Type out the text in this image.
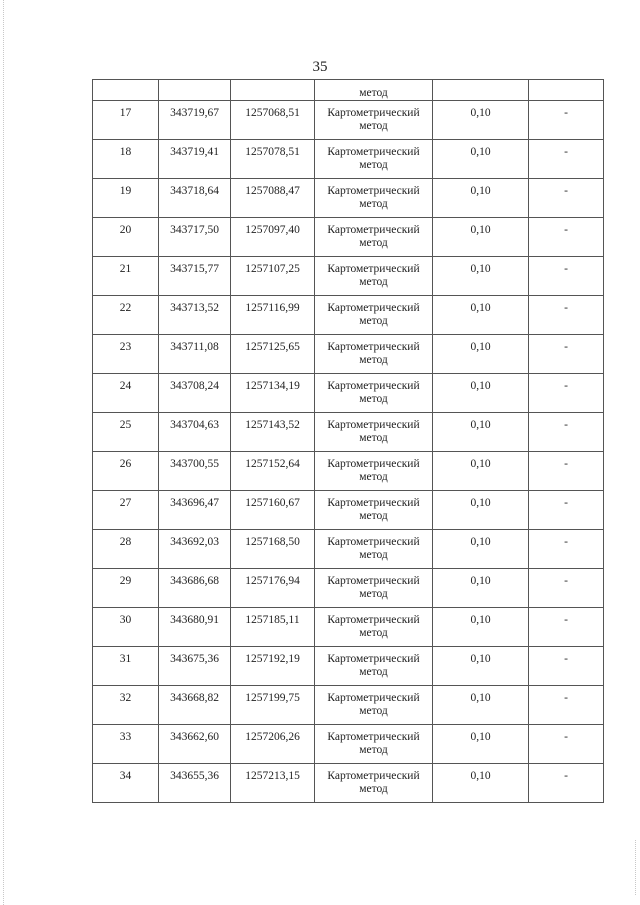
35
			метод		
17	343719,67	1257068,51	Картометрический метод	0,10	-
18	343719,41	1257078,51	Картометрический метод	0,10	-
19	343718,64	1257088,47	Картометрический метод	0,10	-
20	343717,50	1257097,40	Картометрический метод	0,10	-
21	343715,77	1257107,25	Картометрический метод	0,10	-
22	343713,52	1257116,99	Картометрический метод	0,10	-
23	343711,08	1257125,65	Картометрический метод	0,10	-
24	343708,24	1257134,19	Картометрический метод	0,10	-
25	343704,63	1257143,52	Картометрический метод	0,10	-
26	343700,55	1257152,64	Картометрический метод	0,10	-
27	343696,47	1257160,67	Картометрический метод	0,10	-
28	343692,03	1257168,50	Картометрический метод	0,10	-
29	343686,68	1257176,94	Картометрический метод	0,10	-
30	343680,91	1257185,11	Картометрический метод	0,10	-
31	343675,36	1257192,19	Картометрический метод	0,10	-
32	343668,82	1257199,75	Картометрический метод	0,10	-
33	343662,60	1257206,26	Картометрический метод	0,10	-
34	343655,36	1257213,15	Картометрический метод	0,10	-
